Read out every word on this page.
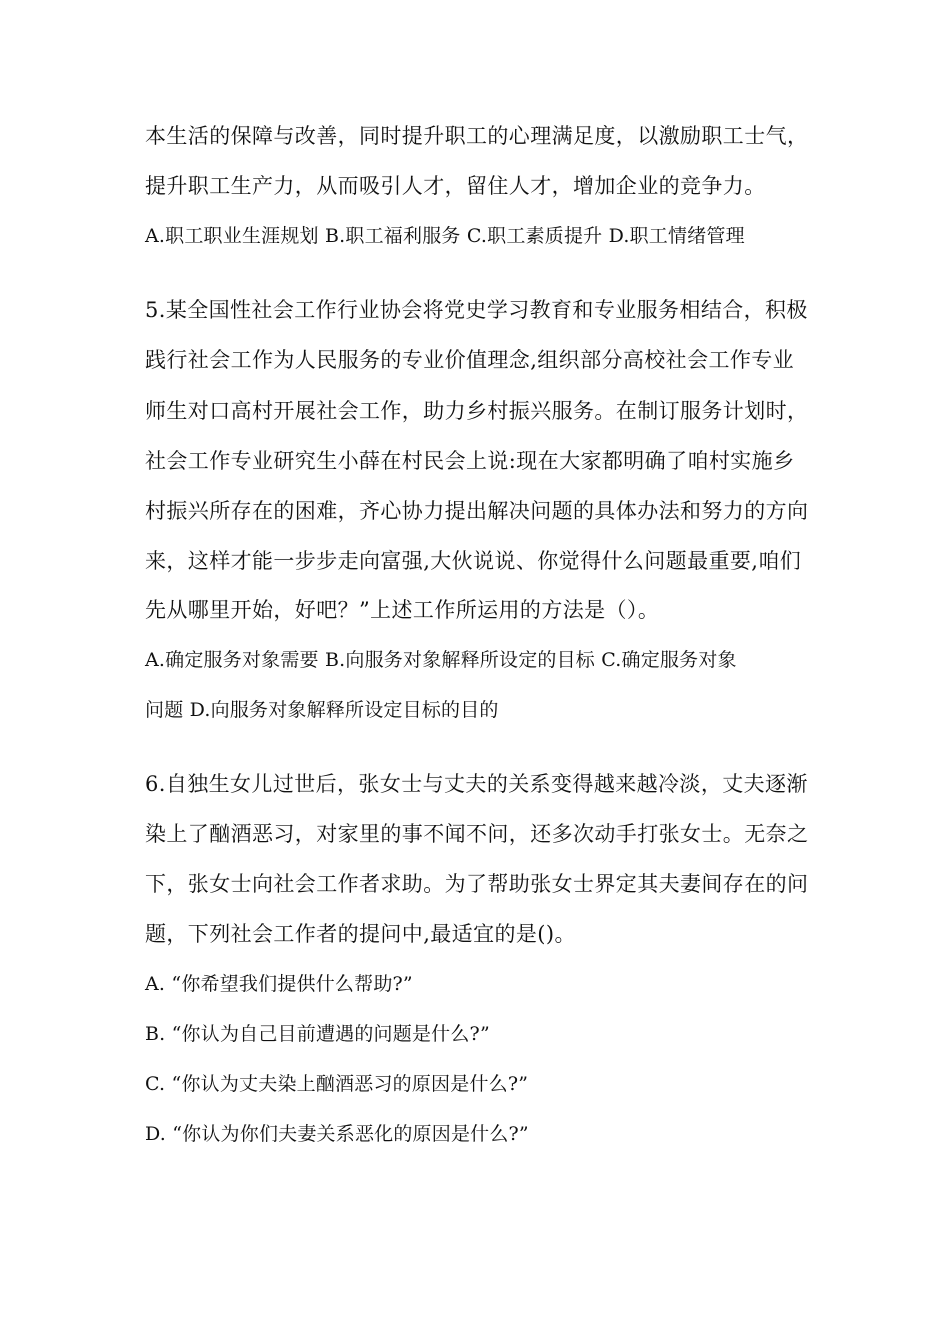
本生活的保障与改善，同时提升职工的心理满足度，以激励职工士气，
提升职工生产力，从而吸引人才，留住人才，增加企业的竞争力。
A.职工职业生涯规划 B.职工福利服务 C.职工素质提升 D.职工情绪管理
5.某全国性社会工作行业协会将党史学习教育和专业服务相结合，积极
践行社会工作为人民服务的专业价值理念,组织部分高校社会工作专业
师生对口高村开展社会工作，助力乡村振兴服务。在制订服务计划时，
社会工作专业研究生小薛在村民会上说:现在大家都明确了咱村实施乡
村振兴所存在的困难，齐心协力提出解决问题的具体办法和努力的方向
来，这样才能一步步走向富强,大伙说说、你觉得什么问题最重要,咱们
先从哪里开始，好吧？”上述工作所运用的方法是（）。
A.确定服务对象需要 B.向服务对象解释所设定的目标 C.确定服务对象
问题 D.向服务对象解释所设定目标的目的
6.自独生女儿过世后，张女士与丈夫的关系变得越来越冷淡，丈夫逐渐
染上了酗酒恶习，对家里的事不闻不问，还多次动手打张女士。无奈之
下，张女士向社会工作者求助。为了帮助张女士界定其夫妻间存在的问
题，下列社会工作者的提问中,最适宜的是()。
A. “你希望我们提供什么帮助?”
B. “你认为自己目前遭遇的问题是什么?”
C. “你认为丈夫染上酗酒恶习的原因是什么?”
D. “你认为你们夫妻关系恶化的原因是什么?”
